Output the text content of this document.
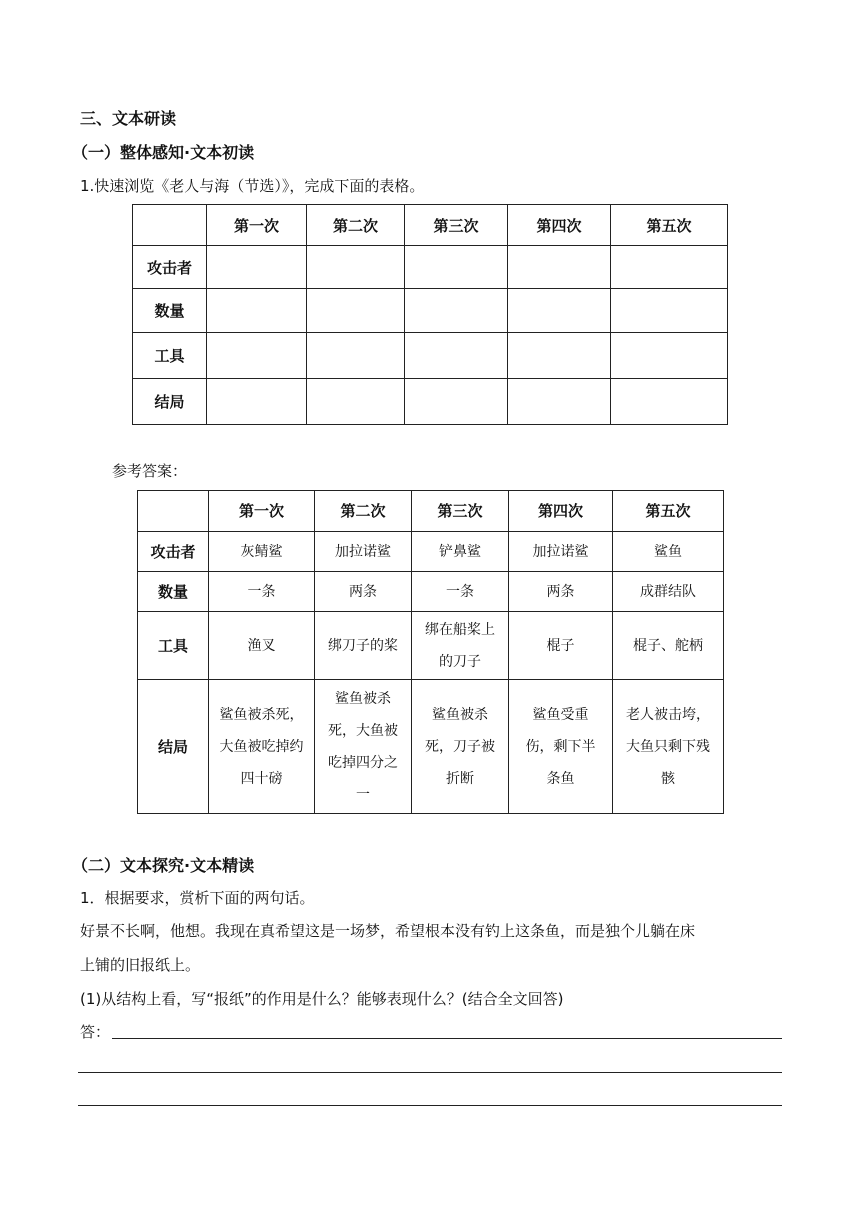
三、文本研读
（一）整体感知·文本初读
1.快速浏览《老人与海（节选）》，完成下面的表格。
	第一次	第二次	第三次	第四次	第五次
攻击者					
数量					
工具					
结局					
参考答案：
	第一次	第二次	第三次	第四次	第五次
攻击者	灰鲭鲨	加拉诺鲨	铲鼻鲨	加拉诺鲨	鲨鱼
数量	一条	两条	一条	两条	成群结队
工具	渔叉	绑刀子的桨	绑在船桨上的刀子	棍子	棍子、舵柄
结局	鲨鱼被杀死，大鱼被吃掉约四十磅	鲨鱼被杀死，大鱼被吃掉四分之一	鲨鱼被杀死，刀子被折断	鲨鱼受重伤，剩下半条鱼	老人被击垮，大鱼只剩下残骸
（二）文本探究·文本精读
1．根据要求，赏析下面的两句话。
好景不长啊，他想。我现在真希望这是一场梦，希望根本没有钓上这条鱼，而是独个儿躺在床
上铺的旧报纸上。
(1)从结构上看，写“报纸”的作用是什么？能够表现什么？(结合全文回答)
答：
